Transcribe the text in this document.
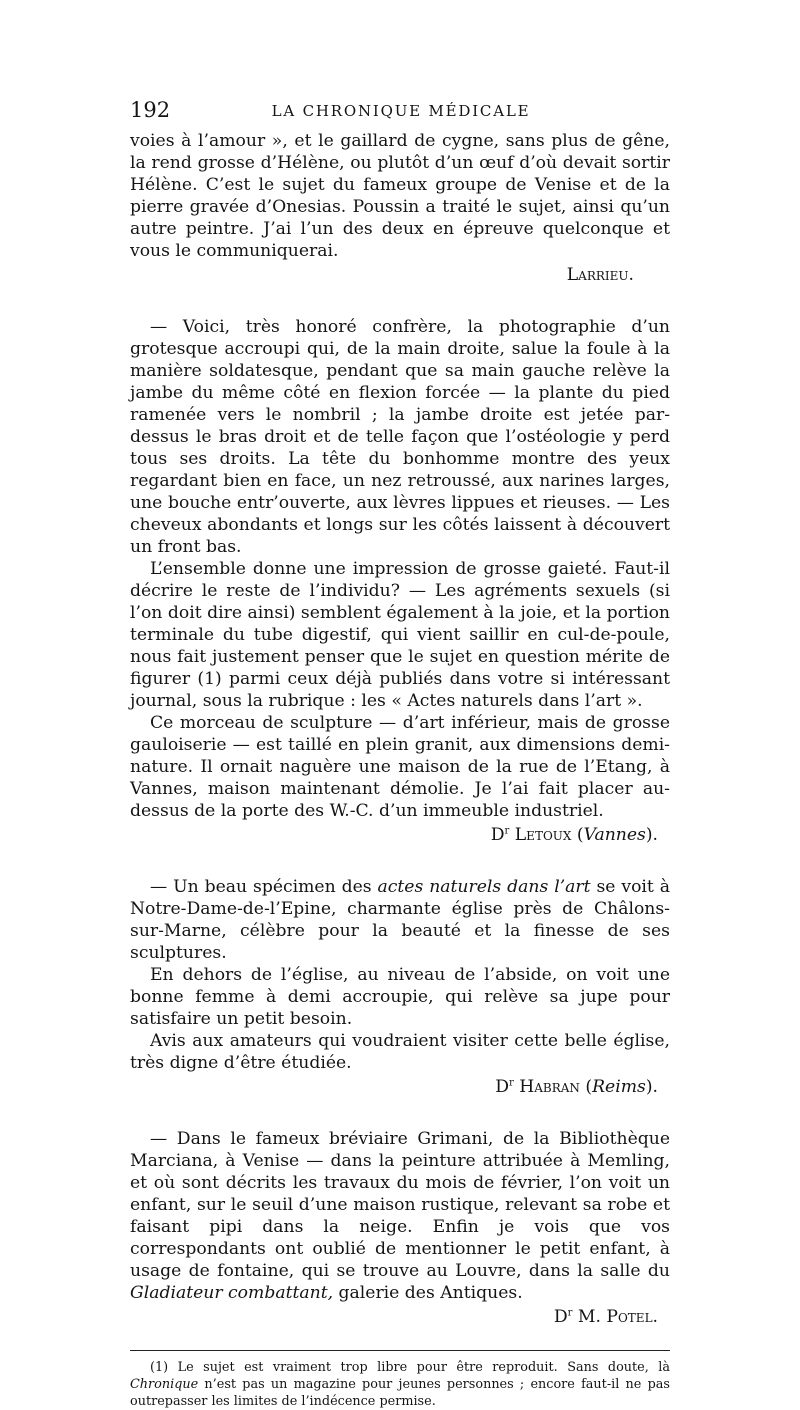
192	LA CHRONIQUE MÉDICALE

voies à l’amour », et le gaillard de cygne, sans plus de gêne, la rend grosse d’Hélène, ou plutôt d’un œuf d’où devait sortir Hélène. C’est le sujet du fameux groupe de Venise et de la pierre gravée d’Onesias. Poussin a traité le sujet, ainsi qu’un autre peintre. J’ai l’un des deux en épreuve quelconque et vous le communiquerai.

Larrieu.

— Voici, très honoré confrère, la photographie d’un grotesque accroupi qui, de la main droite, salue la foule à la manière soldatesque, pendant que sa main gauche relève la jambe du même côté en flexion forcée — la plante du pied ramenée vers le nombril ; la jambe droite est jetée par-dessus le bras droit et de telle façon que l’ostéologie y perd tous ses droits. La tête du bonhomme montre des yeux regardant bien en face, un nez retroussé, aux narines larges, une bouche entr’ouverte, aux lèvres lippues et rieuses. — Les cheveux abondants et longs sur les côtés laissent à découvert un front bas.

L’ensemble donne une impression de grosse gaieté. Faut-il décrire le reste de l’individu? — Les agréments sexuels (si l’on doit dire ainsi) semblent également à la joie, et la portion terminale du tube digestif, qui vient saillir en cul-de-poule, nous fait justement penser que le sujet en question mérite de figurer (1) parmi ceux déjà publiés dans votre si intéressant journal, sous la rubrique : les « Actes naturels dans l’art ».

Ce morceau de sculpture — d’art inférieur, mais de grosse gauloiserie — est taillé en plein granit, aux dimensions demi-nature. Il ornait naguère une maison de la rue de l’Etang, à Vannes, maison maintenant démolie. Je l’ai fait placer au-dessus de la porte des W.-C. d’un immeuble industriel.

$D^r$ Letoux (Vannes).

— Un beau spécimen des actes naturels dans l’art se voit à Notre-Dame-de-l’Epine, charmante église près de Châlons-sur-Marne, célèbre pour la beauté et la finesse de ses sculptures.

En dehors de l’église, au niveau de l’abside, on voit une bonne femme à demi accroupie, qui relève sa jupe pour satisfaire un petit besoin.

Avis aux amateurs qui voudraient visiter cette belle église, très digne d’être étudiée.

$D^r$ Habran (Reims).

— Dans le fameux bréviaire Grimani, de la Bibliothèque Marciana, à Venise — dans la peinture attribuée à Memling, et où sont décrits les travaux du mois de février, l’on voit un enfant, sur le seuil d’une maison rustique, relevant sa robe et faisant pipi dans la neige. Enfin je vois que vos correspondants ont oublié de mentionner le petit enfant, à usage de fontaine, qui se trouve au Louvre, dans la salle du Gladiateur combattant, galerie des Antiques.

$D^r$ M. Potel.

(1) Le sujet est vraiment trop libre pour être reproduit. Sans doute, là Chronique n’est pas un magazine pour jeunes personnes ; encore faut-il ne pas outrepasser les limites de l’indécence permise.
